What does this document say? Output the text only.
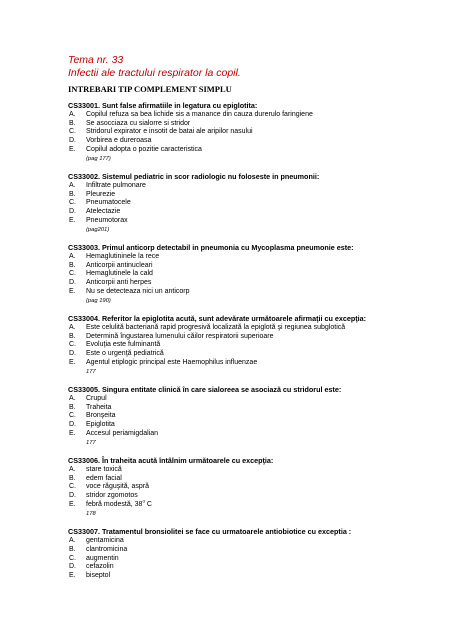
Tema nr. 33
Infectii ale tractului respirator la copil.
INTREBARI TIP COMPLEMENT SIMPLU
CS33001. Sunt false afirmatiile in legatura cu epiglotita:
A. Copilul refuza sa bea lichide sis a manance din cauza durerulo faringiene
B. Se asocciaza cu sialorre si stridor
C. Stridorul expirator e insotit de batai ale aripilor nasului
D. Vorbirea e dureroasa
E. Copilul adopta o pozitie caracteristica
(pag 177)
CS33002. Sistemul pediatric in scor radiologic nu foloseste in pneumonii:
A. Infiltrate pulmonare
B. Pleurezie
C. Pneumatocele
D. Atelectazie
E. Pneumotorax
(pag201)
CS33003. Primul anticorp detectabil in pneumonia cu Mycoplasma pneumonie este:
A. Hemaglutininele la rece
B. Anticorpii antinucleari
C. Hemaglutinele la cald
D. Anticorpii anti herpes
E. Nu se detecteaza nici un anticorp
(pag 190)
CS33004. Referitor la epiglotita acută, sunt adevărate următoarele afirmaţii cu excepţia:
A. Este celulită bacteriană rapid progresivă localizată la epiglotă şi regiunea subglotică
B. Determină îngustarea lumenului căilor respiratorii superioare
C. Evoluţia este fulminantă
D. Este o urgenţă pediatrică
E. Agentul etiplogic principal este Haemophilus influenzae
177
CS33005. Singura entitate clinică în care sialoreea se asociază cu stridorul este:
A. Crupul
B. Traheita
C. Bronşeita
D. Epiglotita
E. Accesul periamigdalian
177
CS33006. În traheita acută întâlnim următoarele cu excepţia:
A. stare toxică
B. edem facial
C. voce răguşită, aspră
D. stridor zgomotos
E. febră modestă, 38$^o$ C
178
CS33007. Tratamentul bronsiolitei se face cu urmatoarele antiobiotice cu exceptia :
A. gentamicina
B. clantromicina
C. augmentin
D. cefazolin
E. biseptol
